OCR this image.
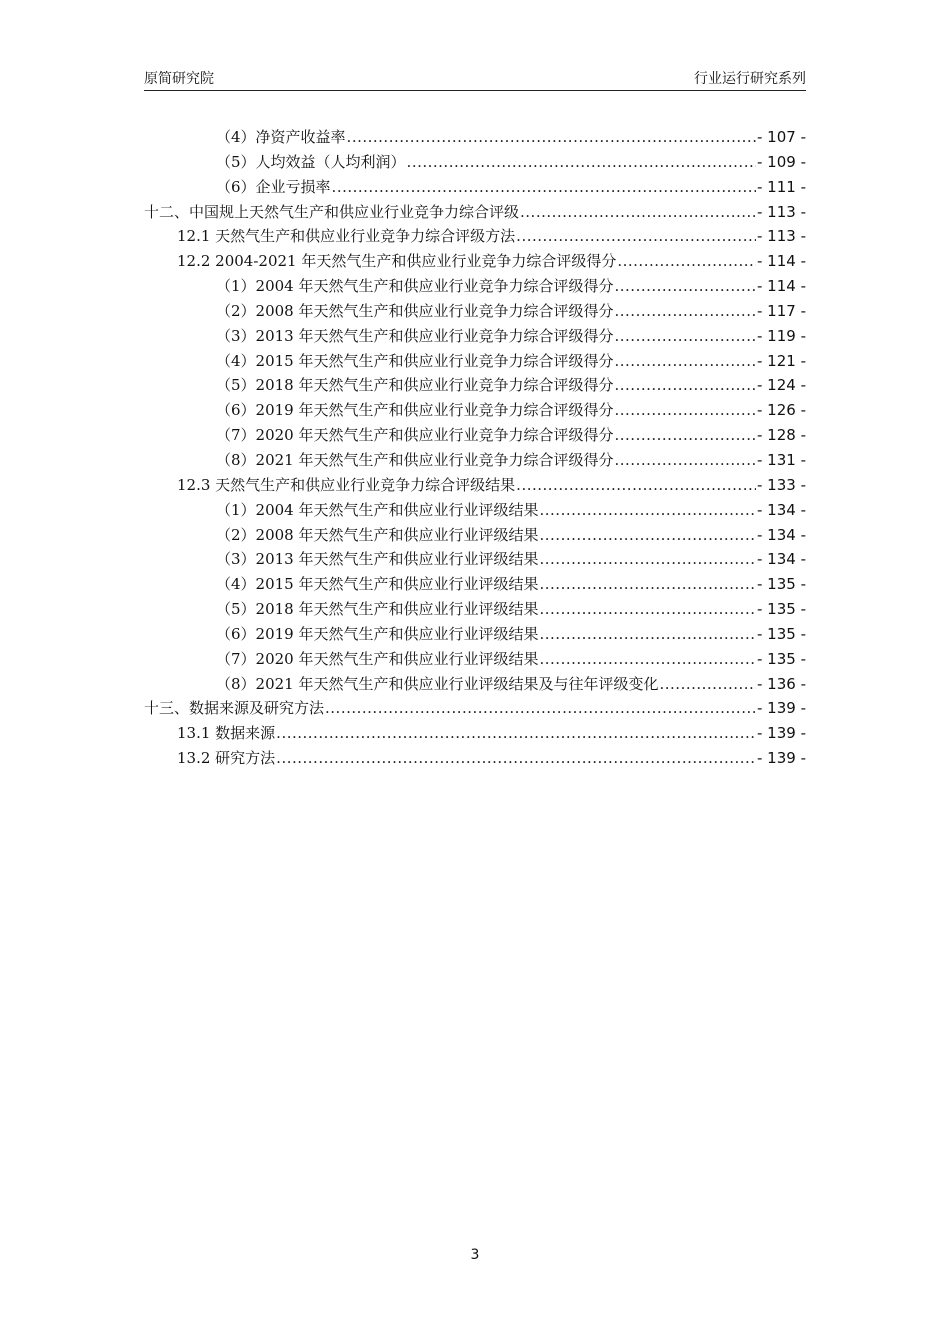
原简研究院	行业运行研究系列
（4）净资产收益率 .....	- 107 -
（5）人均效益（人均利润） .....	- 109 -
（6）企业亏损率 .....	- 111 -
十二、中国规上天然气生产和供应业行业竞争力综合评级 .....	- 113 -
12.1 天然气生产和供应业行业竞争力综合评级方法 .....	- 113 -
12.2 2004-2021 年天然气生产和供应业行业竞争力综合评级得分 .....	- 114 -
（1）2004 年天然气生产和供应业行业竞争力综合评级得分 .....	- 114 -
（2）2008 年天然气生产和供应业行业竞争力综合评级得分 .....	- 117 -
（3）2013 年天然气生产和供应业行业竞争力综合评级得分 .....	- 119 -
（4）2015 年天然气生产和供应业行业竞争力综合评级得分 .....	- 121 -
（5）2018 年天然气生产和供应业行业竞争力综合评级得分 .....	- 124 -
（6）2019 年天然气生产和供应业行业竞争力综合评级得分 .....	- 126 -
（7）2020 年天然气生产和供应业行业竞争力综合评级得分 .....	- 128 -
（8）2021 年天然气生产和供应业行业竞争力综合评级得分 .....	- 131 -
12.3 天然气生产和供应业行业竞争力综合评级结果 .....	- 133 -
（1）2004 年天然气生产和供应业行业评级结果 .....	- 134 -
（2）2008 年天然气生产和供应业行业评级结果 .....	- 134 -
（3）2013 年天然气生产和供应业行业评级结果 .....	- 134 -
（4）2015 年天然气生产和供应业行业评级结果 .....	- 135 -
（5）2018 年天然气生产和供应业行业评级结果 .....	- 135 -
（6）2019 年天然气生产和供应业行业评级结果 .....	- 135 -
（7）2020 年天然气生产和供应业行业评级结果 .....	- 135 -
（8）2021 年天然气生产和供应业行业评级结果及与往年评级变化 .....	- 136 -
十三、数据来源及研究方法 .....	- 139 -
13.1 数据来源 .....	- 139 -
13.2 研究方法 .....	- 139 -
3
